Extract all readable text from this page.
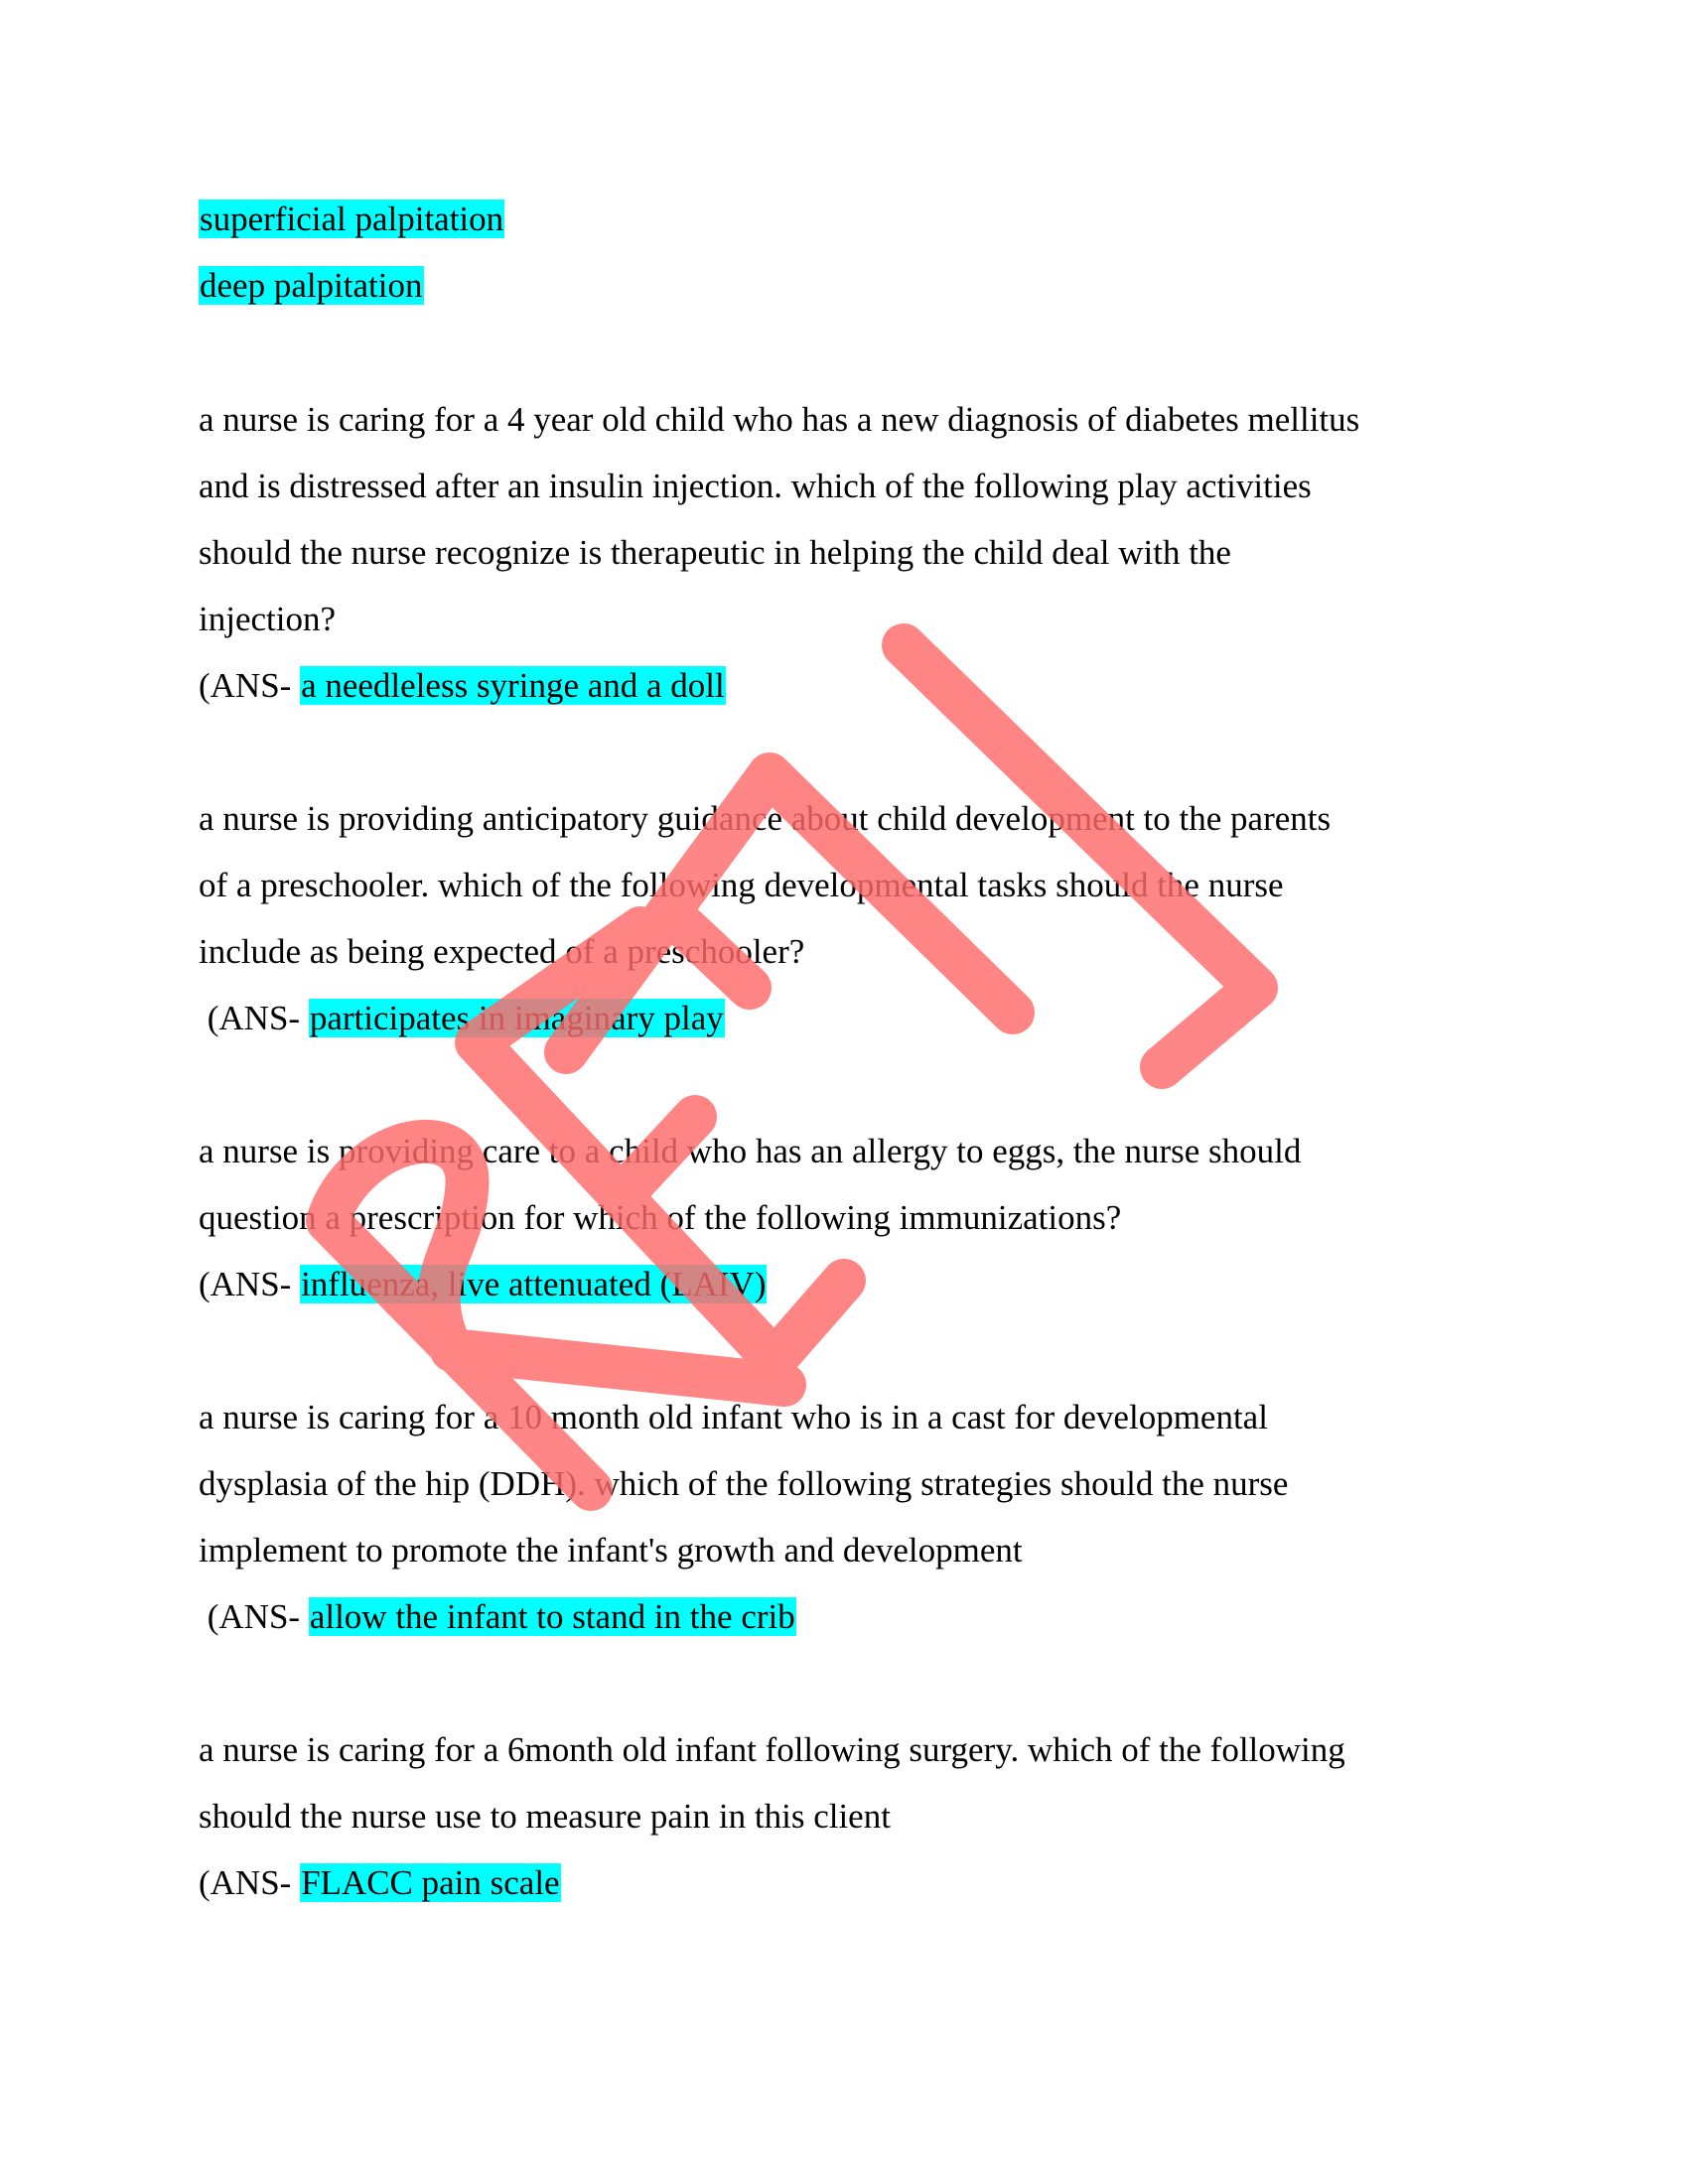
superficial palpitation
deep palpitation
a nurse is caring for a 4 year old child who has a new diagnosis of diabetes mellitus
and is distressed after an insulin injection. which of the following play activities
should the nurse recognize is therapeutic in helping the child deal with the
injection?
(ANS- a needleless syringe and a doll
a nurse is providing anticipatory guidance about child development to the parents
of a preschooler. which of the following developmental tasks should the nurse
include as being expected of a preschooler?
(ANS- participates in imaginary play
a nurse is providing care to a child who has an allergy to eggs, the nurse should
question a prescription for which of the following immunizations?
(ANS- influenza, live attenuated (LAIV)
a nurse is caring for a 10 month old infant who is in a cast for developmental
dysplasia of the hip (DDH). which of the following strategies should the nurse
implement to promote the infant's growth and development
(ANS- allow the infant to stand in the crib
a nurse is caring for a 6month old infant following surgery. which of the following
should the nurse use to measure pain in this client
(ANS- FLACC pain scale
